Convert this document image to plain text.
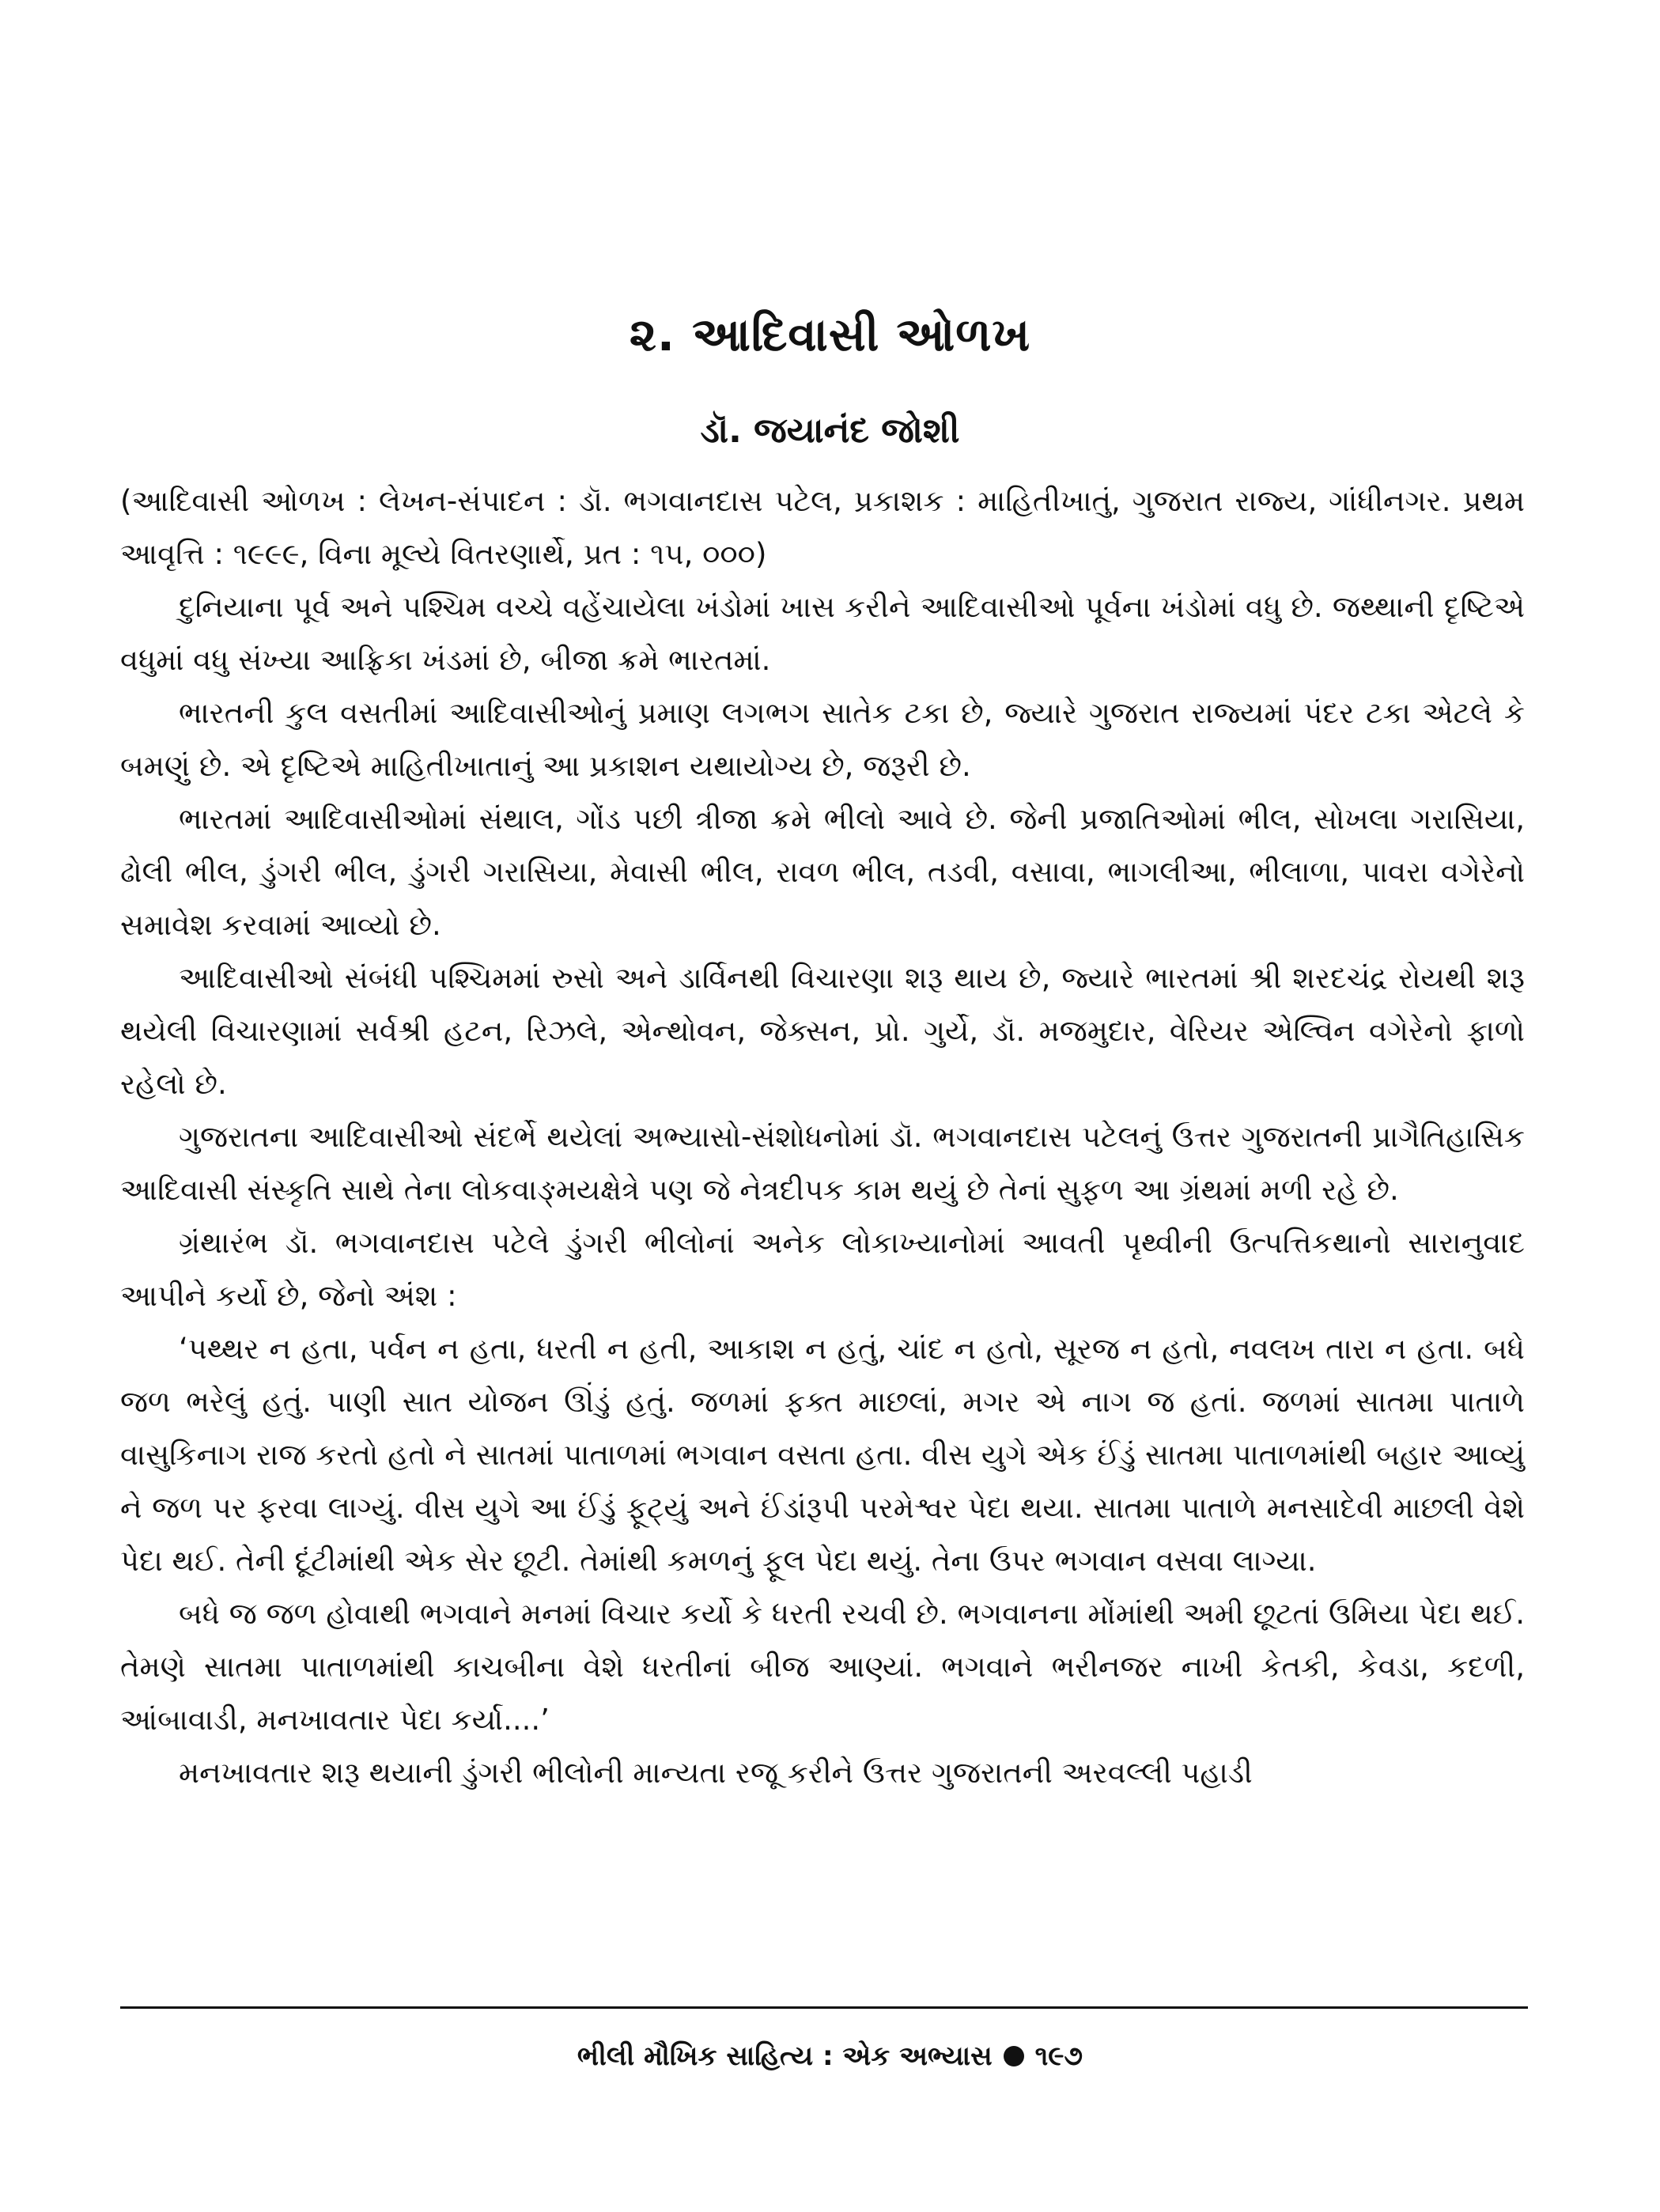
૨. આદિવાસી ઓળખ
ડૉ. જયાનંદ જોશી

(આદિવાસી ઓળખ : લેખન-સંપાદન : ડૉ. ભગવાનદાસ પટેલ, પ્રકાશક : માહિતીખાતું, ગુજરાત રાજ્ય, ગાંધીનગર. પ્રથમ આવૃત્તિ : ૧૯૯૯, વિના મૂલ્યે વિતરણાર્થે, પ્રત : ૧૫, ૦૦૦)

દુનિયાના પૂર્વ અને પશ્ચિમ વચ્ચે વહેંચાયેલા ખંડોમાં ખાસ કરીને આદિવાસીઓ પૂર્વના ખંડોમાં વધુ છે. જથ્થાની દૃષ્ટિએ વધુમાં વધુ સંખ્યા આફ્રિકા ખંડમાં છે, બીજા ક્રમે ભારતમાં.

ભારતની કુલ વસતીમાં આદિવાસીઓનું પ્રમાણ લગભગ સાતેક ટકા છે, જ્યારે ગુજરાત રાજ્યમાં પંદર ટકા એટલે કે બમણું છે. એ દૃષ્ટિએ માહિતીખાતાનું આ પ્રકાશન યથાયોગ્ય છે, જરૂરી છે.

ભારતમાં આદિવાસીઓમાં સંથાલ, ગોંડ પછી ત્રીજા ક્રમે ભીલો આવે છે. જેની પ્રજાતિઓમાં ભીલ, સોખલા ગરાસિયા, ઢોલી ભીલ, ડુંગરી ભીલ, ડુંગરી ગરાસિયા, મેવાસી ભીલ, રાવળ ભીલ, તડવી, વસાવા, ભાગલીઆ, ભીલાળા, પાવરા વગેરેનો સમાવેશ કરવામાં આવ્યો છે.

આદિવાસીઓ સંબંધી પશ્ચિમમાં રુસો અને ડાર્વિનથી વિચારણા શરૂ થાય છે, જ્યારે ભારતમાં શ્રી શરદચંદ્ર રોયથી શરૂ થયેલી વિચારણામાં સર્વશ્રી હટન, રિઝલે, એન્થોવન, જેક્સન, પ્રો. ગુર્યે, ડૉ. મજમુદાર, વેરિયર એલ્વિન વગેરેનો ફાળો રહેલો છે.

ગુજરાતના આદિવાસીઓ સંદર્ભે થયેલાં અભ્યાસો-સંશોધનોમાં ડૉ. ભગવાનદાસ પટેલનું ઉત્તર ગુજરાતની પ્રાગૈતિહાસિક આદિવાસી સંસ્કૃતિ સાથે તેના લોકવાઙ્મયક્ષેત્રે પણ જે નેત્રદીપક કામ થયું છે તેનાં સુફળ આ ગ્રંથમાં મળી રહે છે.

ગ્રંથારંભ ડૉ. ભગવાનદાસ પટેલે ડુંગરી ભીલોનાં અનેક લોકાખ્યાનોમાં આવતી પૃથ્વીની ઉત્પત્તિકથાનો સારાનુવાદ આપીને કર્યો છે, જેનો અંશ :

‘પથ્થર ન હતા, પર્વન ન હતા, ધરતી ન હતી, આકાશ ન હતું, ચાંદ ન હતો, સૂરજ ન હતો, નવલખ તારા ન હતા. બધે જળ ભરેલું હતું. પાણી સાત યોજન ઊંડું હતું. જળમાં ફક્ત માછલાં, મગર એ નાગ જ હતાં. જળમાં સાતમા પાતાળે વાસુકિનાગ રાજ કરતો હતો ને સાતમાં પાતાળમાં ભગવાન વસતા હતા. વીસ યુગે એક ઈંડું સાતમા પાતાળમાંથી બહાર આવ્યું ને જળ પર ફરવા લાગ્યું. વીસ યુગે આ ઈંડું ફૂટ્યું અને ઈંડાંરૂપી પરમેશ્વર પેદા થયા. સાતમા પાતાળે મનસાદેવી માછલી વેશે પેદા થઈ. તેની દૂંટીમાંથી એક સેર છૂટી. તેમાંથી કમળનું ફૂલ પેદા થયું. તેના ઉપર ભગવાન વસવા લાગ્યા.

બધે જ જળ હોવાથી ભગવાને મનમાં વિચાર કર્યો કે ધરતી રચવી છે. ભગવાનના મોંમાંથી અમી છૂટતાં ઉમિયા પેદા થઈ. તેમણે સાતમા પાતાળમાંથી કાચબીના વેશે ધરતીનાં બીજ આણ્યાં. ભગવાને ભરીનજર નાખી કેતકી, કેવડા, કદળી, આંબાવાડી, મનખાવતાર પેદા કર્યા....’

મનખાવતાર શરૂ થયાની ડુંગરી ભીલોની માન્યતા રજૂ કરીને ઉત્તર ગુજરાતની અરવલ્લી પહાડી

ભીલી મૌખિક સાહિત્ય : એક અભ્યાસ ૧૯૭
